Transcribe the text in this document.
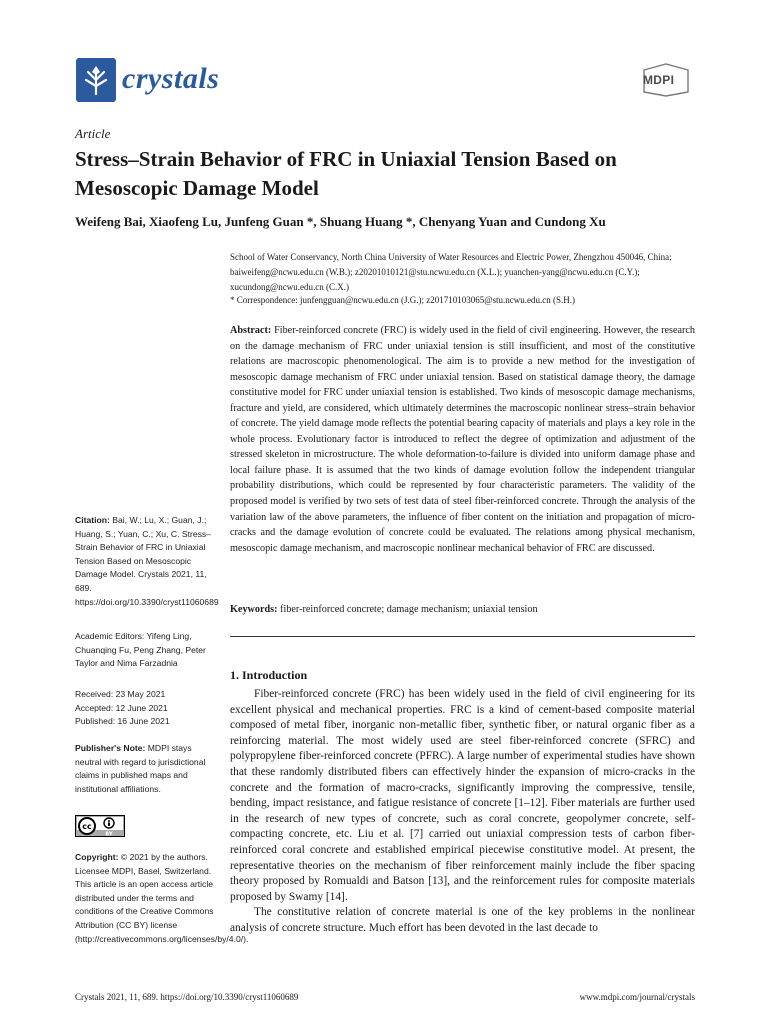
crystals	MDPI
Article
Stress–Strain Behavior of FRC in Uniaxial Tension Based on Mesoscopic Damage Model
Weifeng Bai, Xiaofeng Lu, Junfeng Guan *, Shuang Huang *, Chenyang Yuan and Cundong Xu
School of Water Conservancy, North China University of Water Resources and Electric Power, Zhengzhou 450046, China; baiweifeng@ncwu.edu.cn (W.B.); z20201010121@stu.ncwu.edu.cn (X.L.); yuanchen-yang@ncwu.edu.cn (C.Y.); xucundong@ncwu.edu.cn (C.X.)
* Correspondence: junfengguan@ncwu.edu.cn (J.G.); z201710103065@stu.ncwu.edu.cn (S.H.)

Abstract: Fiber-reinforced concrete (FRC) is widely used in the field of civil engineering. However, the research on the damage mechanism of FRC under uniaxial tension is still insufficient, and most of the constitutive relations are macroscopic phenomenological. The aim is to provide a new method for the investigation of mesoscopic damage mechanism of FRC under uniaxial tension. Based on statistical damage theory, the damage constitutive model for FRC under uniaxial tension is established. Two kinds of mesoscopic damage mechanisms, fracture and yield, are considered, which ultimately determines the macroscopic nonlinear stress–strain behavior of concrete. The yield damage mode reflects the potential bearing capacity of materials and plays a key role in the whole process. Evolutionary factor is introduced to reflect the degree of optimization and adjustment of the stressed skeleton in microstructure. The whole deformation-to-failure is divided into uniform damage phase and local failure phase. It is assumed that the two kinds of damage evolution follow the independent triangular probability distributions, which could be represented by four characteristic parameters. The validity of the proposed model is verified by two sets of test data of steel fiber-reinforced concrete. Through the analysis of the variation law of the above parameters, the influence of fiber content on the initiation and propagation of micro-cracks and the damage evolution of concrete could be evaluated. The relations among physical mechanism, mesoscopic damage mechanism, and macroscopic nonlinear mechanical behavior of FRC are discussed.

Keywords: fiber-reinforced concrete; damage mechanism; uniaxial tension

Citation: Bai, W.; Lu, X.; Guan, J.; Huang, S.; Yuan, C.; Xu, C. Stress–Strain Behavior of FRC in Uniaxial Tension Based on Mesoscopic Damage Model. Crystals 2021, 11, 689. https://doi.org/10.3390/cryst11060689

Academic Editors: Yifeng Ling, Chuanqing Fu, Peng Zhang, Peter Taylor and Nima Farzadnia

Received: 23 May 2021

Accepted: 12 June 2021

Published: 16 June 2021

Publisher's Note: MDPI stays neutral with regard to jurisdictional claims in published maps and institutional affiliations.

cc
BY

Copyright: © 2021 by the authors. Licensee MDPI, Basel, Switzerland. This article is an open access article distributed under the terms and conditions of the Creative Commons Attribution (CC BY) license (http://creativecommons.org/licenses/by/4.0/).

1. Introduction

Fiber-reinforced concrete (FRC) has been widely used in the field of civil engineering for its excellent physical and mechanical properties. FRC is a kind of cement-based composite material composed of metal fiber, inorganic non-metallic fiber, synthetic fiber, or natural organic fiber as a reinforcing material. The most widely used are steel fiber-reinforced concrete (SFRC) and polypropylene fiber-reinforced concrete (PFRC). A large number of experimental studies have shown that these randomly distributed fibers can effectively hinder the expansion of micro-cracks in the concrete and the formation of macro-cracks, significantly improving the compressive, tensile, bending, impact resistance, and fatigue resistance of concrete [1–12]. Fiber materials are further used in the research of new types of concrete, such as coral concrete, geopolymer concrete, self-compacting concrete, etc. Liu et al. [7] carried out uniaxial compression tests of carbon fiber-reinforced coral concrete and established empirical piecewise constitutive model. At present, the representative theories on the mechanism of fiber reinforcement mainly include the fiber spacing theory proposed by Romualdi and Batson [13], and the reinforcement rules for composite materials proposed by Swamy [14].

The constitutive relation of concrete material is one of the key problems in the nonlinear analysis of concrete structure. Much effort has been devoted in the last decade to

Crystals 2021, 11, 689. https://doi.org/10.3390/cryst11060689	www.mdpi.com/journal/crystals
